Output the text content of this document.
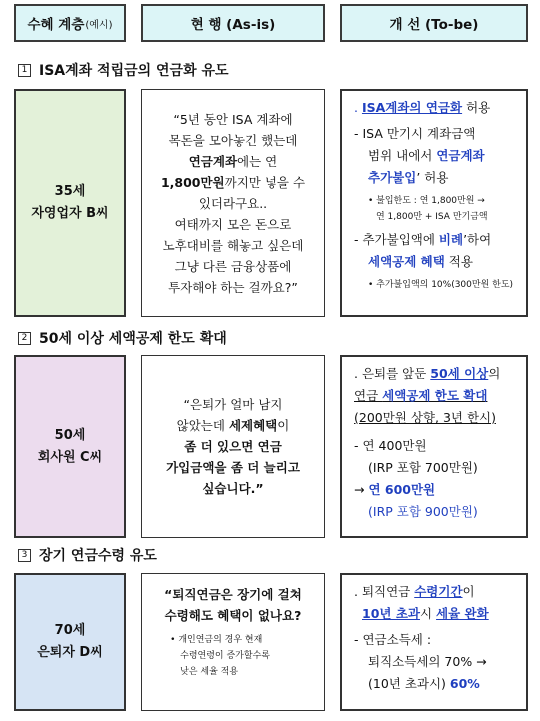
수혜 계층 (예시)	현 행 (As-is)	개 선 (To-be)
1 ISA계좌 적립금의 연금화 유도
35세
자영업자 B씨
“5년 동안 ISA 계좌에
목돈을 모아놓긴 했는데
연금계좌에는 연
1,800만원까지만 넣을 수
있더라구요..
여태까지 모은 돈으로
노후대비를 해놓고 싶은데
그냥 다른 금융상품에
투자해야 하는 걸까요?”
. ISA계좌의 연금화 허용
- ISA 만기시 계좌금액
범위 내에서 연금계좌
추가불입’ 허용
• 불입한도 : 연 1,800만원 →
연 1,800만 + ISA 만기금액
- 추가불입액에 비례’하여
세액공제 혜택 적용
• 추가불입액의 10%(300만원 한도)
2 50세 이상 세액공제 한도 확대
50세
회사원 C씨
“은퇴가 얼마 남지
않았는데 세제혜택이
좀 더 있으면 연금
가입금액을 좀 더 늘리고
싶습니다.”
. 은퇴를 앞둔 50세 이상의
연금 세액공제 한도 확대
(200만원 상향, 3년 한시)
- 연 400만원
(IRP 포함 700만원)
→ 연 600만원
(IRP 포함 900만원)
3 장기 연금수령 유도
70세
은퇴자 D씨
“퇴직연금은 장기에 걸쳐
수령해도 혜택이 없나요?
• 개인연금의 경우 현재
수령연령이 증가할수록
낮은 세율 적용
. 퇴직연금 수령기간이
10년 초과시 세율 완화
- 연금소득세 :
퇴직소득세의 70% →
(10년 초과시) 60%
